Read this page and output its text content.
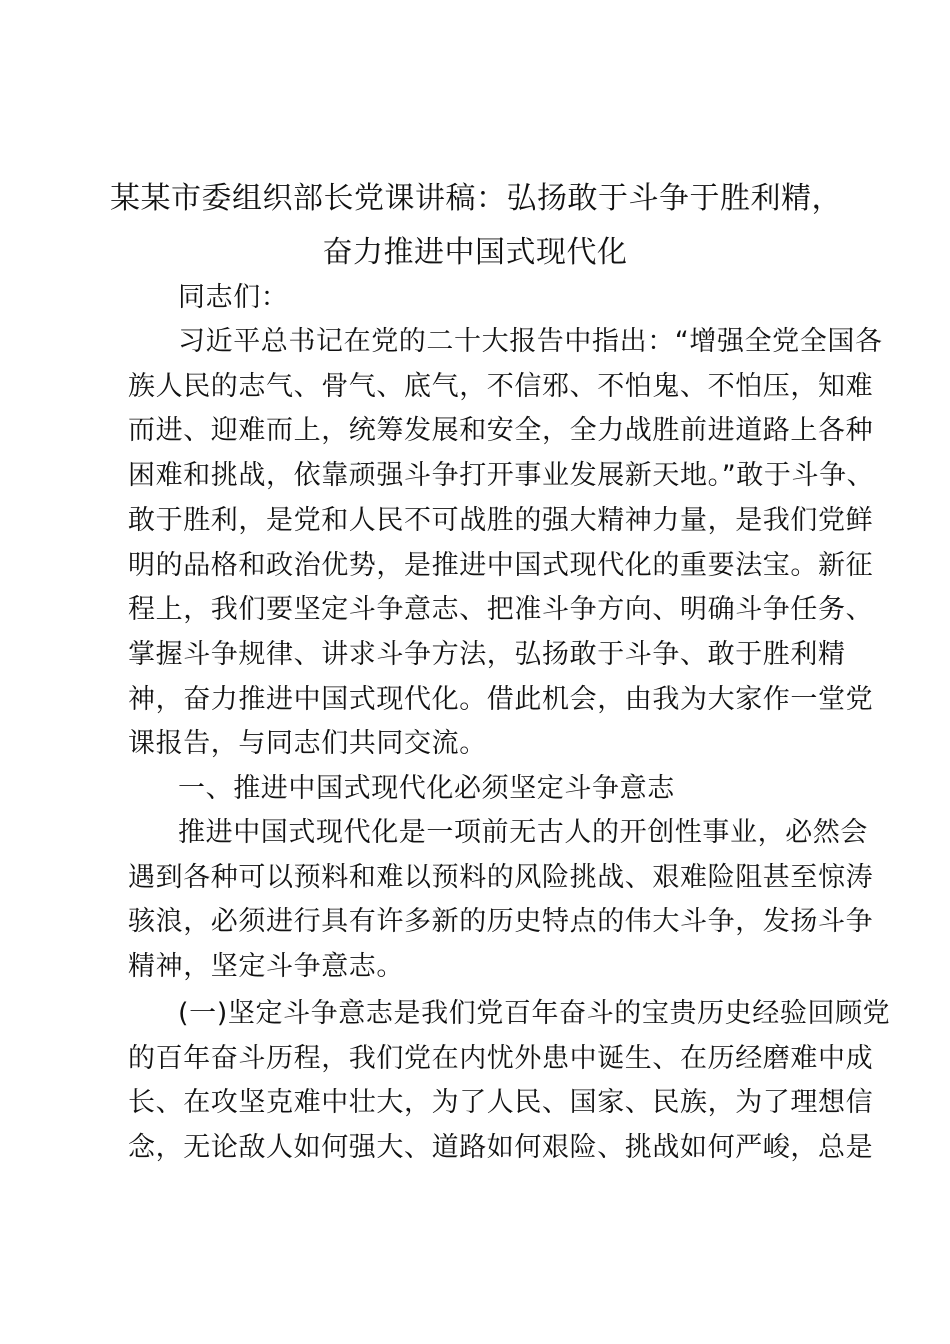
某某市委组织部长党课讲稿：弘扬敢于斗争于胜利精，
奋力推进中国式现代化
同志们：
习近平总书记在党的二十大报告中指出：“增强全党全国各
族人民的志气、骨气、底气，不信邪、不怕鬼、不怕压，知难
而进、迎难而上，统筹发展和安全，全力战胜前进道路上各种
困难和挑战，依靠顽强斗争打开事业发展新天地。”敢于斗争、
敢于胜利，是党和人民不可战胜的强大精神力量，是我们党鲜
明的品格和政治优势，是推进中国式现代化的重要法宝。新征
程上，我们要坚定斗争意志、把准斗争方向、明确斗争任务、
掌握斗争规律、讲求斗争方法，弘扬敢于斗争、敢于胜利精
神，奋力推进中国式现代化。借此机会，由我为大家作一堂党
课报告，与同志们共同交流。
一、推进中国式现代化必须坚定斗争意志
推进中国式现代化是一项前无古人的开创性事业，必然会
遇到各种可以预料和难以预料的风险挑战、艰难险阻甚至惊涛
骇浪，必须进行具有许多新的历史特点的伟大斗争，发扬斗争
精神，坚定斗争意志。
(一)坚定斗争意志是我们党百年奋斗的宝贵历史经验回顾党
的百年奋斗历程，我们党在内忧外患中诞生、在历经磨难中成
长、在攻坚克难中壮大，为了人民、国家、民族，为了理想信
念，无论敌人如何强大、道路如何艰险、挑战如何严峻，总是
